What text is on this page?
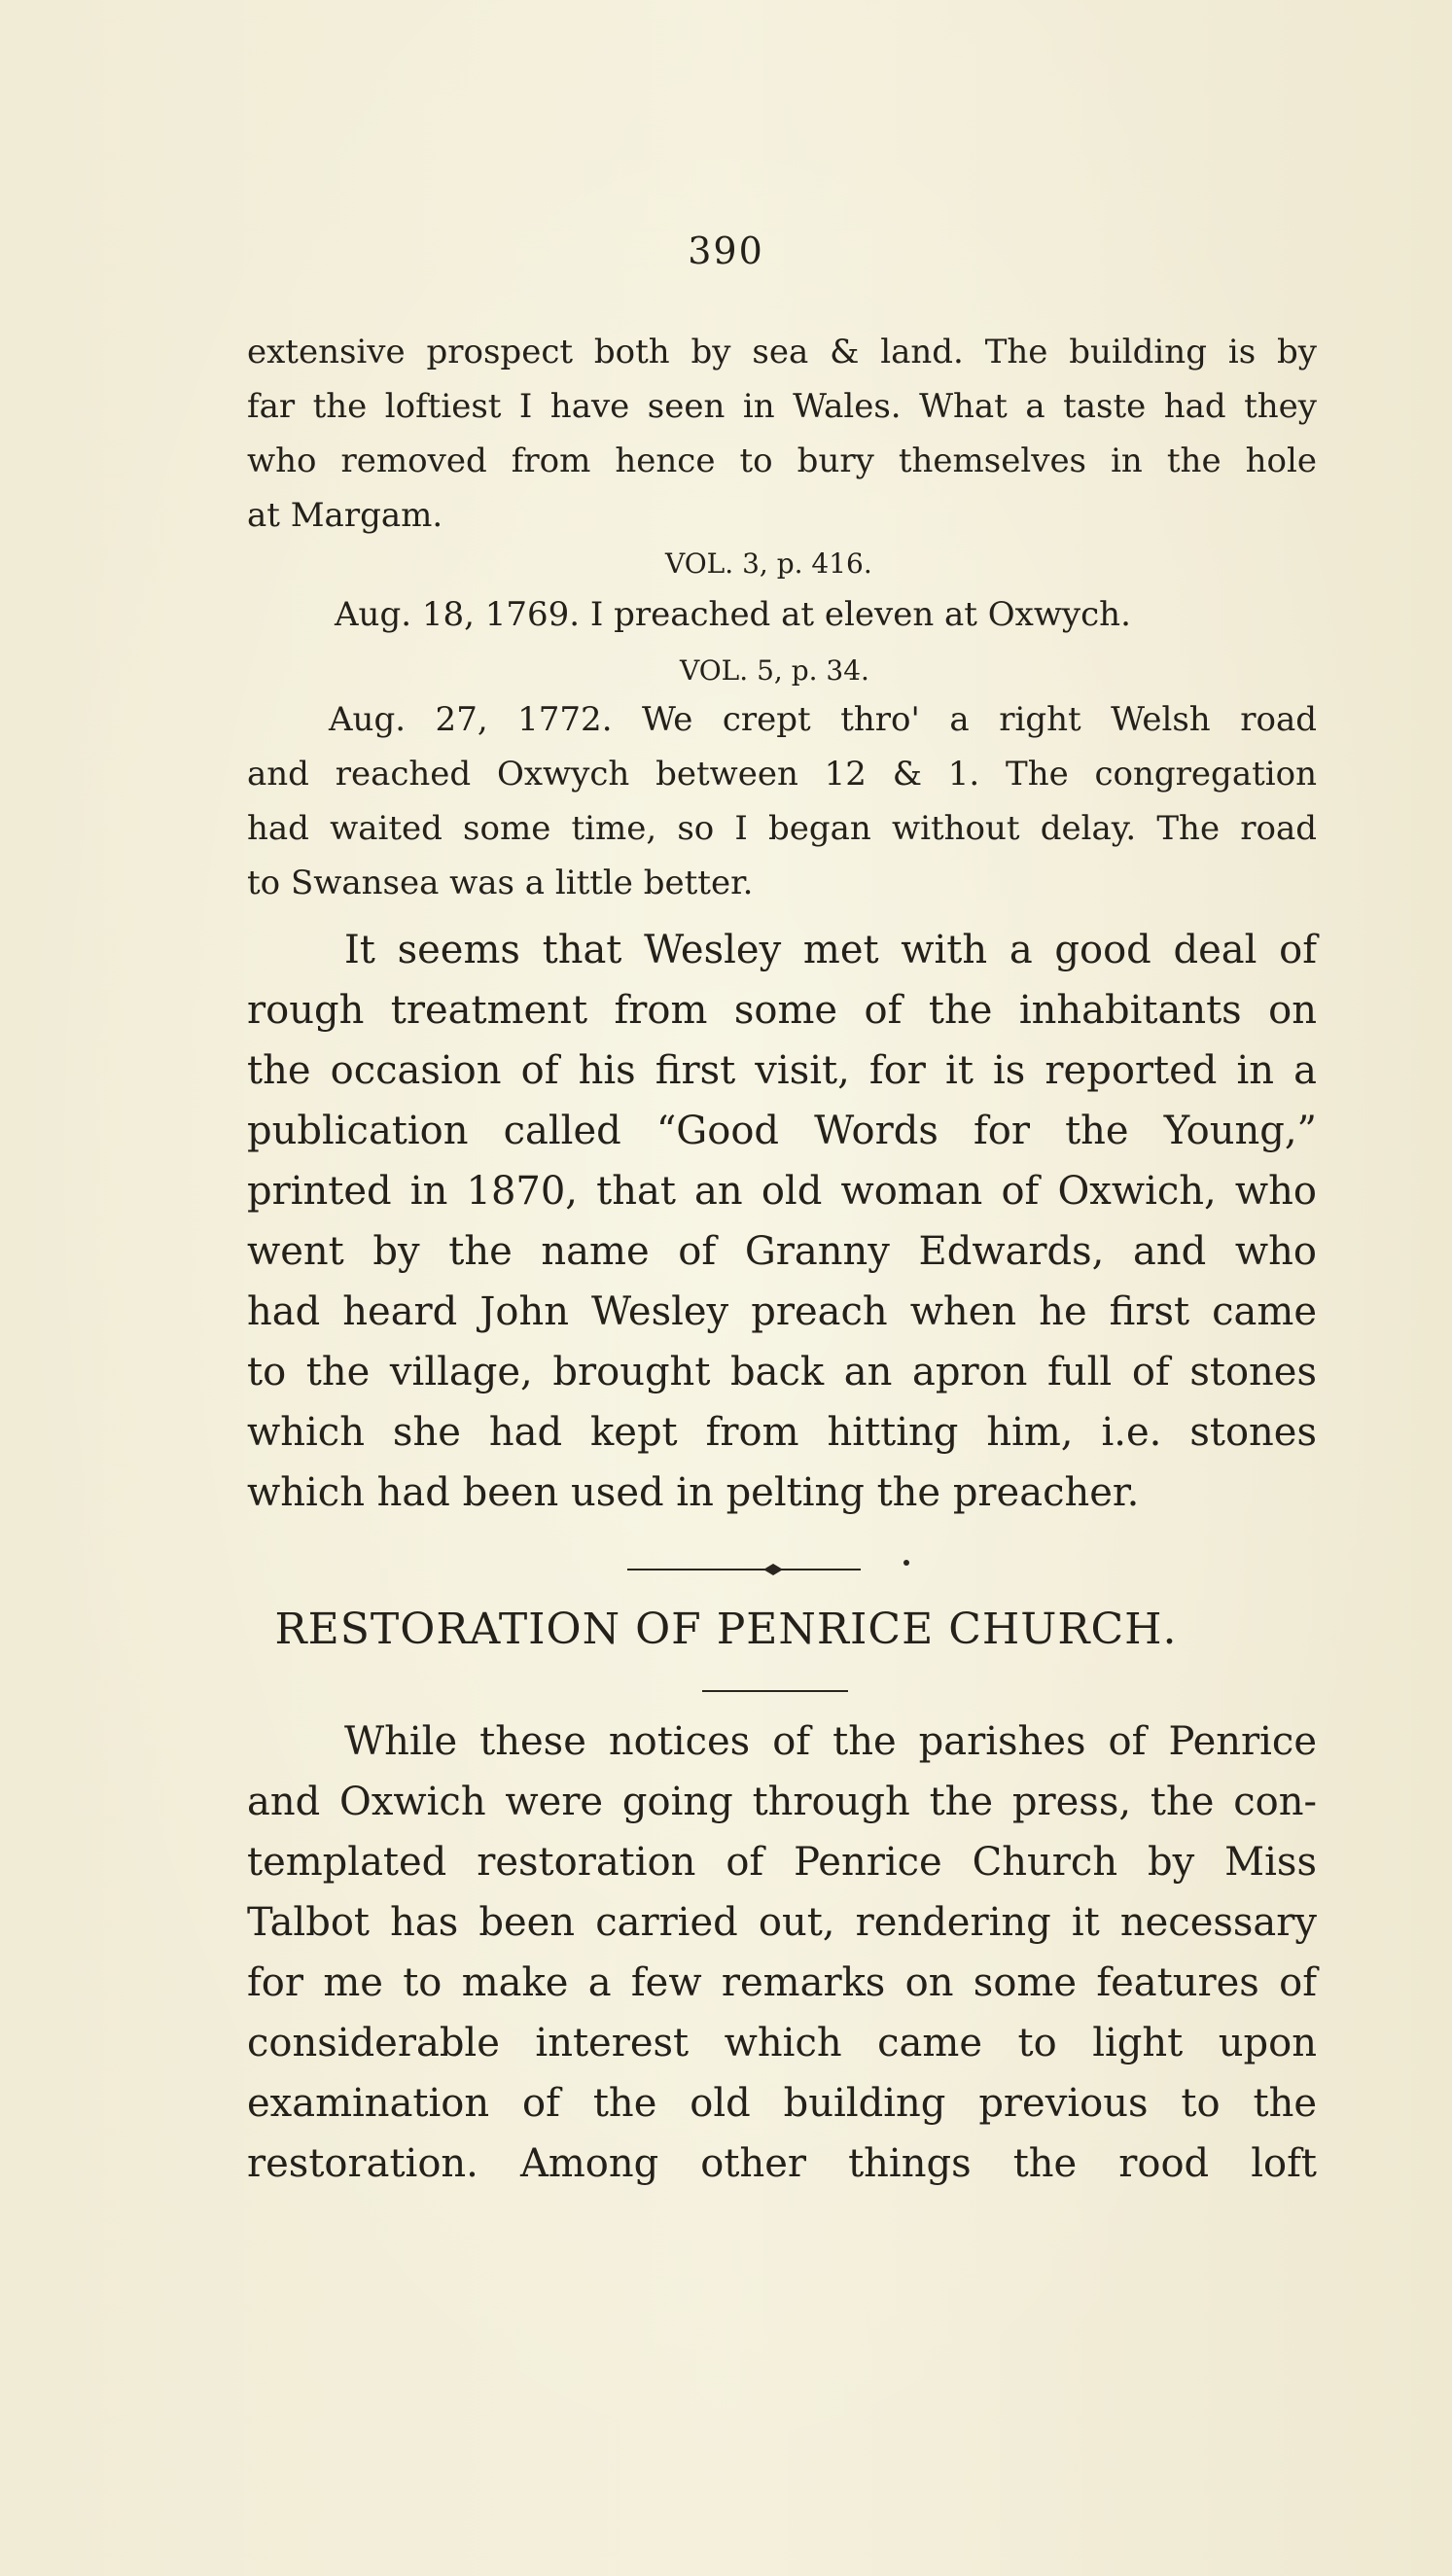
390
extensive prospect both by sea & land. The building is by
far the loftiest I have seen in Wales. What a taste had they
who removed from hence to bury themselves in the hole
at Margam.
VOL. 3, p. 416.
Aug. 18, 1769. I preached at eleven at Oxwych.
VOL. 5, p. 34.
Aug. 27, 1772. We crept thro' a right Welsh road
and reached Oxwych between 12 & 1. The congregation
had waited some time, so I began without delay. The road
to Swansea was a little better.
It seems that Wesley met with a good deal of
rough treatment from some of the inhabitants on
the occasion of his first visit, for it is reported in a
publication called “Good Words for the Young,”
printed in 1870, that an old woman of Oxwich, who
went by the name of Granny Edwards, and who
had heard John Wesley preach when he first came
to the village, brought back an apron full of stones
which she had kept from hitting him, i.e. stones
which had been used in pelting the preacher.
RESTORATION OF PENRICE CHURCH.
While these notices of the parishes of Penrice
and Oxwich were going through the press, the con-
templated restoration of Penrice Church by Miss
Talbot has been carried out, rendering it necessary
for me to make a few remarks on some features of
considerable interest which came to light upon
examination of the old building previous to the
restoration. Among other things the rood loft
